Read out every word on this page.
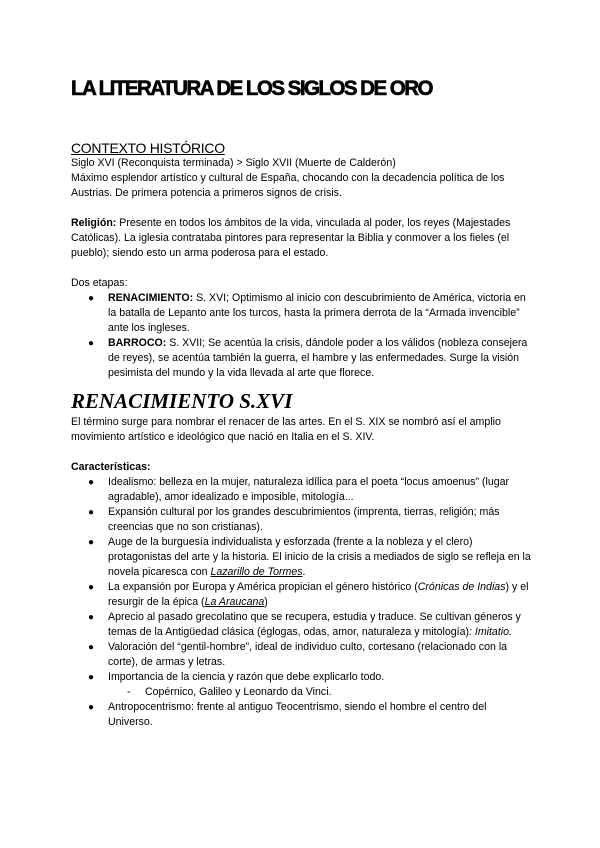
LA LITERATURA DE LOS SIGLOS DE ORO

CONTEXTO HISTÓRICO

Siglo XVI (Reconquista terminada) > Siglo XVII (Muerte de Calderón)

Máximo esplendor artístico y cultural de España, chocando con la decadencia política de los Austrias. De primera potencia a primeros signos de crisis.

Religión: Presente en todos los ámbitos de la vida, vinculada al poder, los reyes (Majestades Católicas). La iglesia contrataba pintores para representar la Biblia y conmover a los fieles (el pueblo); siendo esto un arma poderosa para el estado.

Dos etapas:

● RENACIMIENTO: S. XVI; Optimismo al inicio con descubrimiento de América, victoria en la batalla de Lepanto ante los turcos, hasta la primera derrota de la “Armada invencible” ante los ingleses.
● BARROCO: S. XVII; Se acentúa la crisis, dándole poder a los válidos (nobleza consejera de reyes), se acentúa también la guerra, el hambre y las enfermedades. Surge la visión pesimista del mundo y la vida llevada al arte que florece.
RENACIMIENTO S.XVI

El término surge para nombrar el renacer de las artes. En el S. XIX se nombró así el amplio movimiento artístico e ideológico que nació en Italia en el S. XIV.

Características:

● Idealismo: belleza en la mujer, naturaleza idílica para el poeta “locus amoenus” (lugar agradable), amor idealizado e imposible, mitología...
● Expansión cultural por los grandes descubrimientos (imprenta, tierras, religión; más creencias que no son cristianas).
● Auge de la burguesía individualista y esforzada (frente a la nobleza y el clero) protagonistas del arte y la historia. El inicio de la crisis a mediados de siglo se refleja en la novela picaresca con Lazarillo de Tormes.
● La expansión por Europa y América propician el género histórico (Crónicas de Indias) y el resurgir de la épica (La Araucana)
● Aprecio al pasado grecolatino que se recupera, estudia y traduce. Se cultivan géneros y temas de la Antigüedad clásica (églogas, odas, amor, naturaleza y mitología): Imitatio.
● Valoración del “gentil-hombre”, ideal de individuo culto, cortesano (relacionado con la corte), de armas y letras.
● Importancia de la ciencia y razón que debe explicarlo todo.
- Copérnico, Galileo y Leonardo da Vinci.
● Antropocentrismo: frente al antiguo Teocentrismo, siendo el hombre el centro del Universo.
